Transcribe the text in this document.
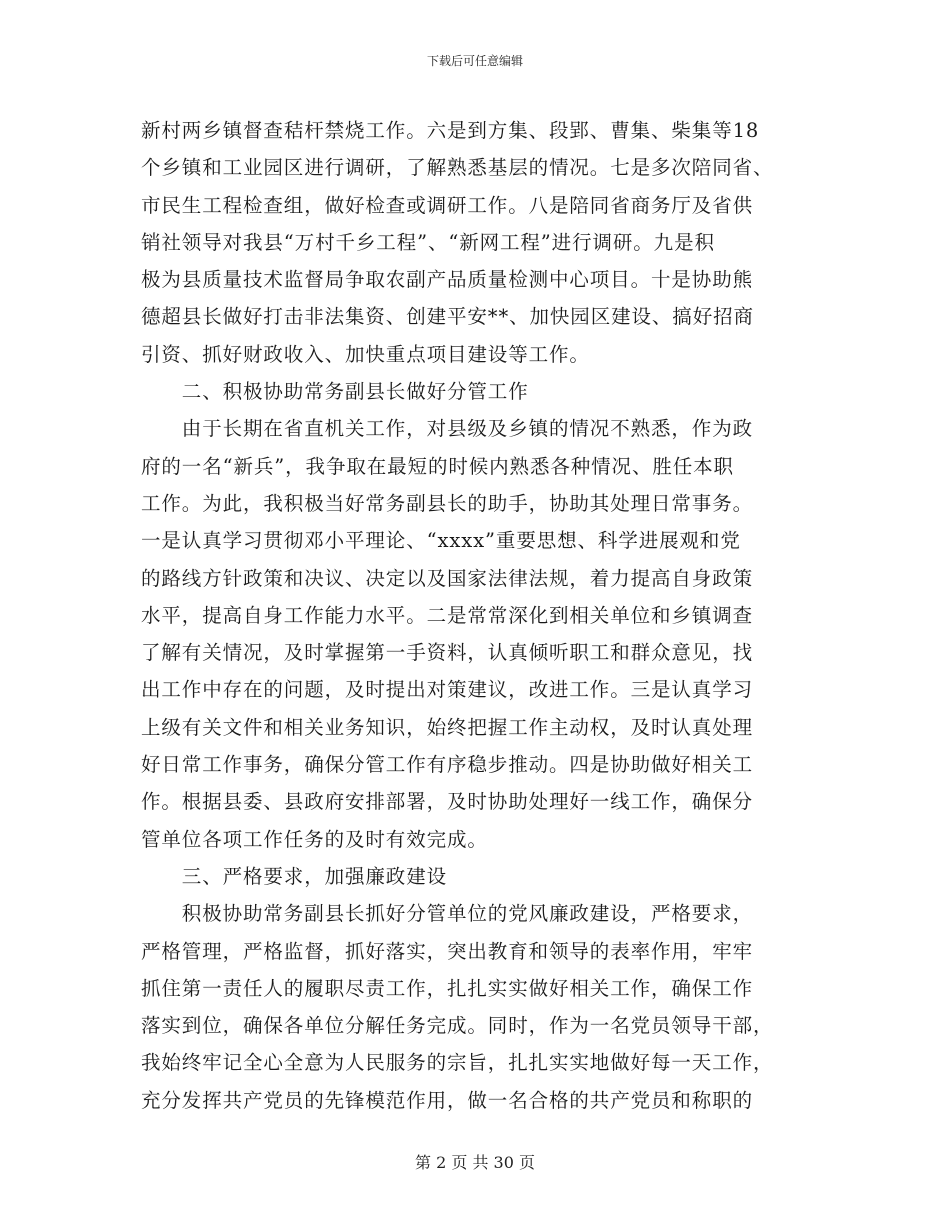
下载后可任意编辑
新村两乡镇督查秸杆禁烧工作。六是到方集、段郢、曹集、柴集等18
个乡镇和工业园区进行调研，了解熟悉基层的情况。七是多次陪同省、
市民生工程检查组，做好检查或调研工作。八是陪同省商务厅及省供
销社领导对我县“万村千乡工程”、“新网工程”进行调研。九是积
极为县质量技术监督局争取农副产品质量检测中心项目。十是协助熊
德超县长做好打击非法集资、创建平安**、加快园区建设、搞好招商
引资、抓好财政收入、加快重点项目建设等工作。
　　二、积极协助常务副县长做好分管工作
　　由于长期在省直机关工作，对县级及乡镇的情况不熟悉，作为政
府的一名“新兵”，我争取在最短的时候内熟悉各种情况、胜任本职
工作。为此，我积极当好常务副县长的助手，协助其处理日常事务。
一是认真学习贯彻邓小平理论、“xxxx”重要思想、科学进展观和党
的路线方针政策和决议、决定以及国家法律法规，着力提高自身政策
水平，提高自身工作能力水平。二是常常深化到相关单位和乡镇调查
了解有关情况，及时掌握第一手资料，认真倾听职工和群众意见，找
出工作中存在的问题，及时提出对策建议，改进工作。三是认真学习
上级有关文件和相关业务知识，始终把握工作主动权，及时认真处理
好日常工作事务，确保分管工作有序稳步推动。四是协助做好相关工
作。根据县委、县政府安排部署，及时协助处理好一线工作，确保分
管单位各项工作任务的及时有效完成。
　　三、严格要求，加强廉政建设
　　积极协助常务副县长抓好分管单位的党风廉政建设，严格要求，
严格管理，严格监督，抓好落实，突出教育和领导的表率作用，牢牢
抓住第一责任人的履职尽责工作，扎扎实实做好相关工作，确保工作
落实到位，确保各单位分解任务完成。同时，作为一名党员领导干部，
我始终牢记全心全意为人民服务的宗旨，扎扎实实地做好每一天工作，
充分发挥共产党员的先锋模范作用，做一名合格的共产党员和称职的
第 2 页 共 30 页
